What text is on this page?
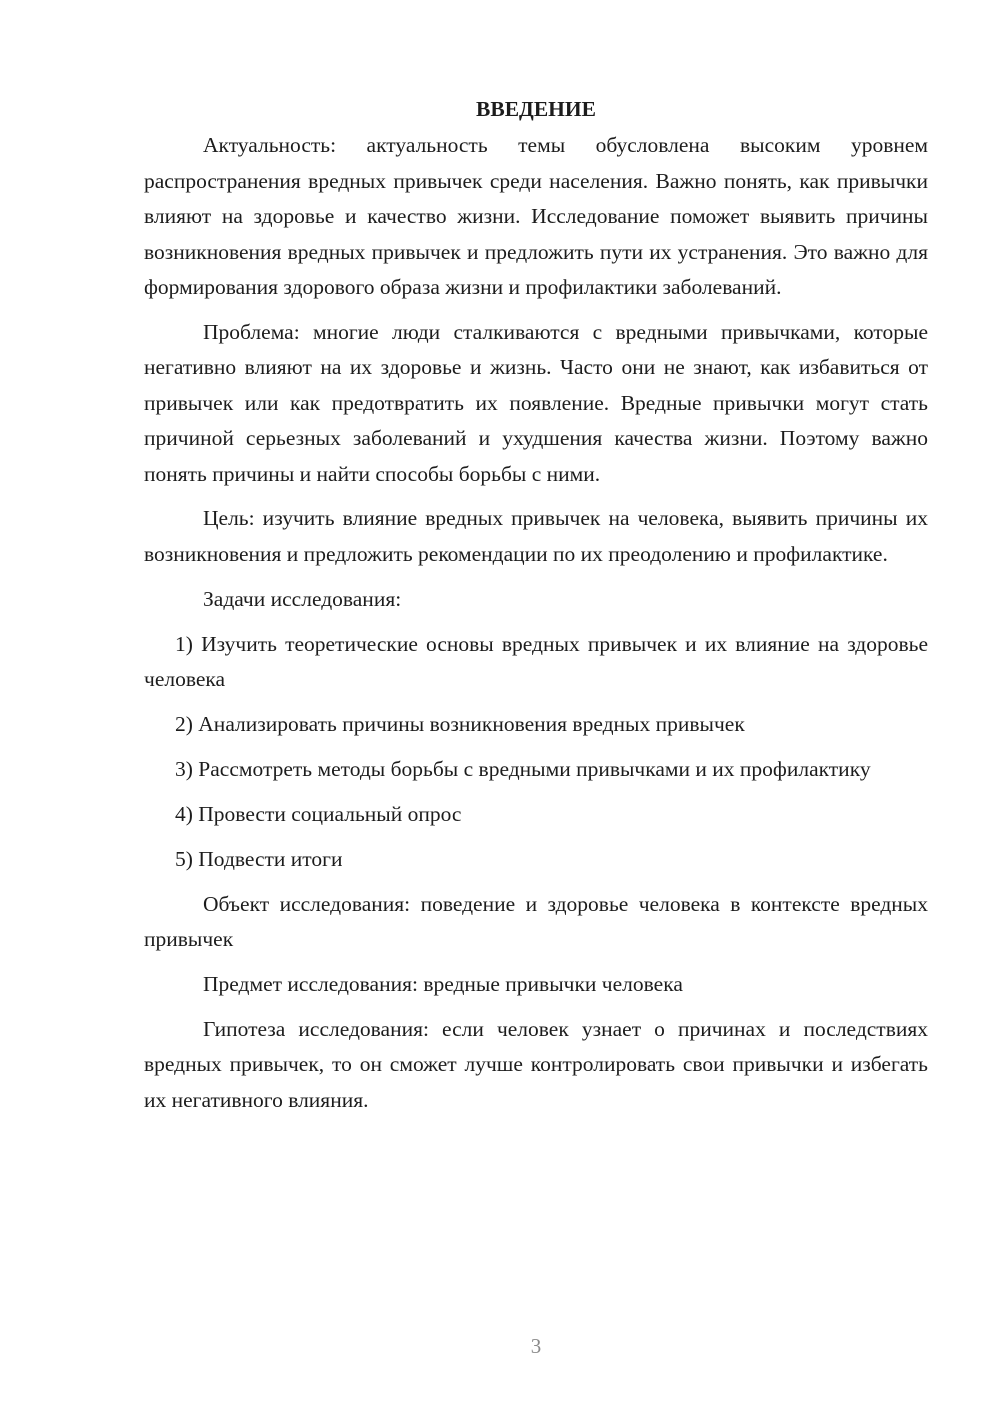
ВВЕДЕНИЕ

Актуальность: актуальность темы обусловлена высоким уровнем распространения вредных привычек среди населения. Важно понять, как привычки влияют на здоровье и качество жизни. Исследование поможет выявить причины возникновения вредных привычек и предложить пути их устранения. Это важно для формирования здорового образа жизни и профилактики заболеваний.

Проблема: многие люди сталкиваются с вредными привычками, которые негативно влияют на их здоровье и жизнь. Часто они не знают, как избавиться от привычек или как предотвратить их появление. Вредные привычки могут стать причиной серьезных заболеваний и ухудшения качества жизни. Поэтому важно понять причины и найти способы борьбы с ними.

Цель: изучить влияние вредных привычек на человека, выявить причины их возникновения и предложить рекомендации по их преодолению и профилактике.

Задачи исследования:

1) Изучить теоретические основы вредных привычек и их влияние на здоровье человека

2) Анализировать причины возникновения вредных привычек

3) Рассмотреть методы борьбы с вредными привычками и их профилактику

4) Провести социальный опрос

5) Подвести итоги

Объект исследования: поведение и здоровье человека в контексте вредных привычек

Предмет исследования: вредные привычки человека

Гипотеза исследования: если человек узнает о причинах и последствиях вредных привычек, то он сможет лучше контролировать свои привычки и избегать их негативного влияния.

3
